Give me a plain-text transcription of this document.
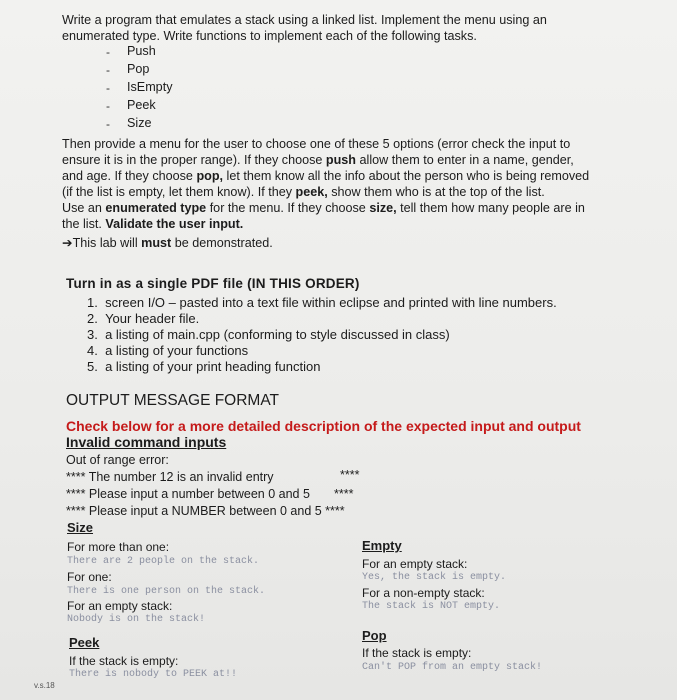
Write a program that emulates a stack using a linked list. Implement the menu using an
enumerated type. Write functions to implement each of the following tasks.
- Push
- Pop
- IsEmpty
- Peek
- Size
Then provide a menu for the user to choose one of these 5 options (error check the input to
ensure it is in the proper range). If they choose push allow them to enter in a name, gender,
and age. If they choose pop, let them know all the info about the person who is being removed
(if the list is empty, let them know). If they peek, show them who is at the top of the list.
Use an enumerated type for the menu. If they choose size, tell them how many people are in
the list. Validate the user input.
➔This lab will must be demonstrated.
Turn in as a single PDF file (IN THIS ORDER)
1. screen I/O – pasted into a text file within eclipse and printed with line numbers.
2. Your header file.
3. a listing of main.cpp (conforming to style discussed in class)
4. a listing of your functions
5. a listing of your print heading function
OUTPUT MESSAGE FORMAT
Check below for a more detailed description of the expected input and output
Invalid command inputs
Out of range error:
**** The number 12 is an invalid entry	****
**** Please input a number between 0 and 5 ****
**** Please input a NUMBER between 0 and 5 ****
Size
For more than one:
There are 2 people on the stack.
For one:
There is one person on the stack.
For an empty stack:
Nobody is on the stack!
Peek
If the stack is empty:
There is nobody to PEEK at!!
Empty
For an empty stack:
Yes, the stack is empty.
For a non-empty stack:
The stack is NOT empty.
Pop
If the stack is empty:
Can't POP from an empty stack!
v.s.18
